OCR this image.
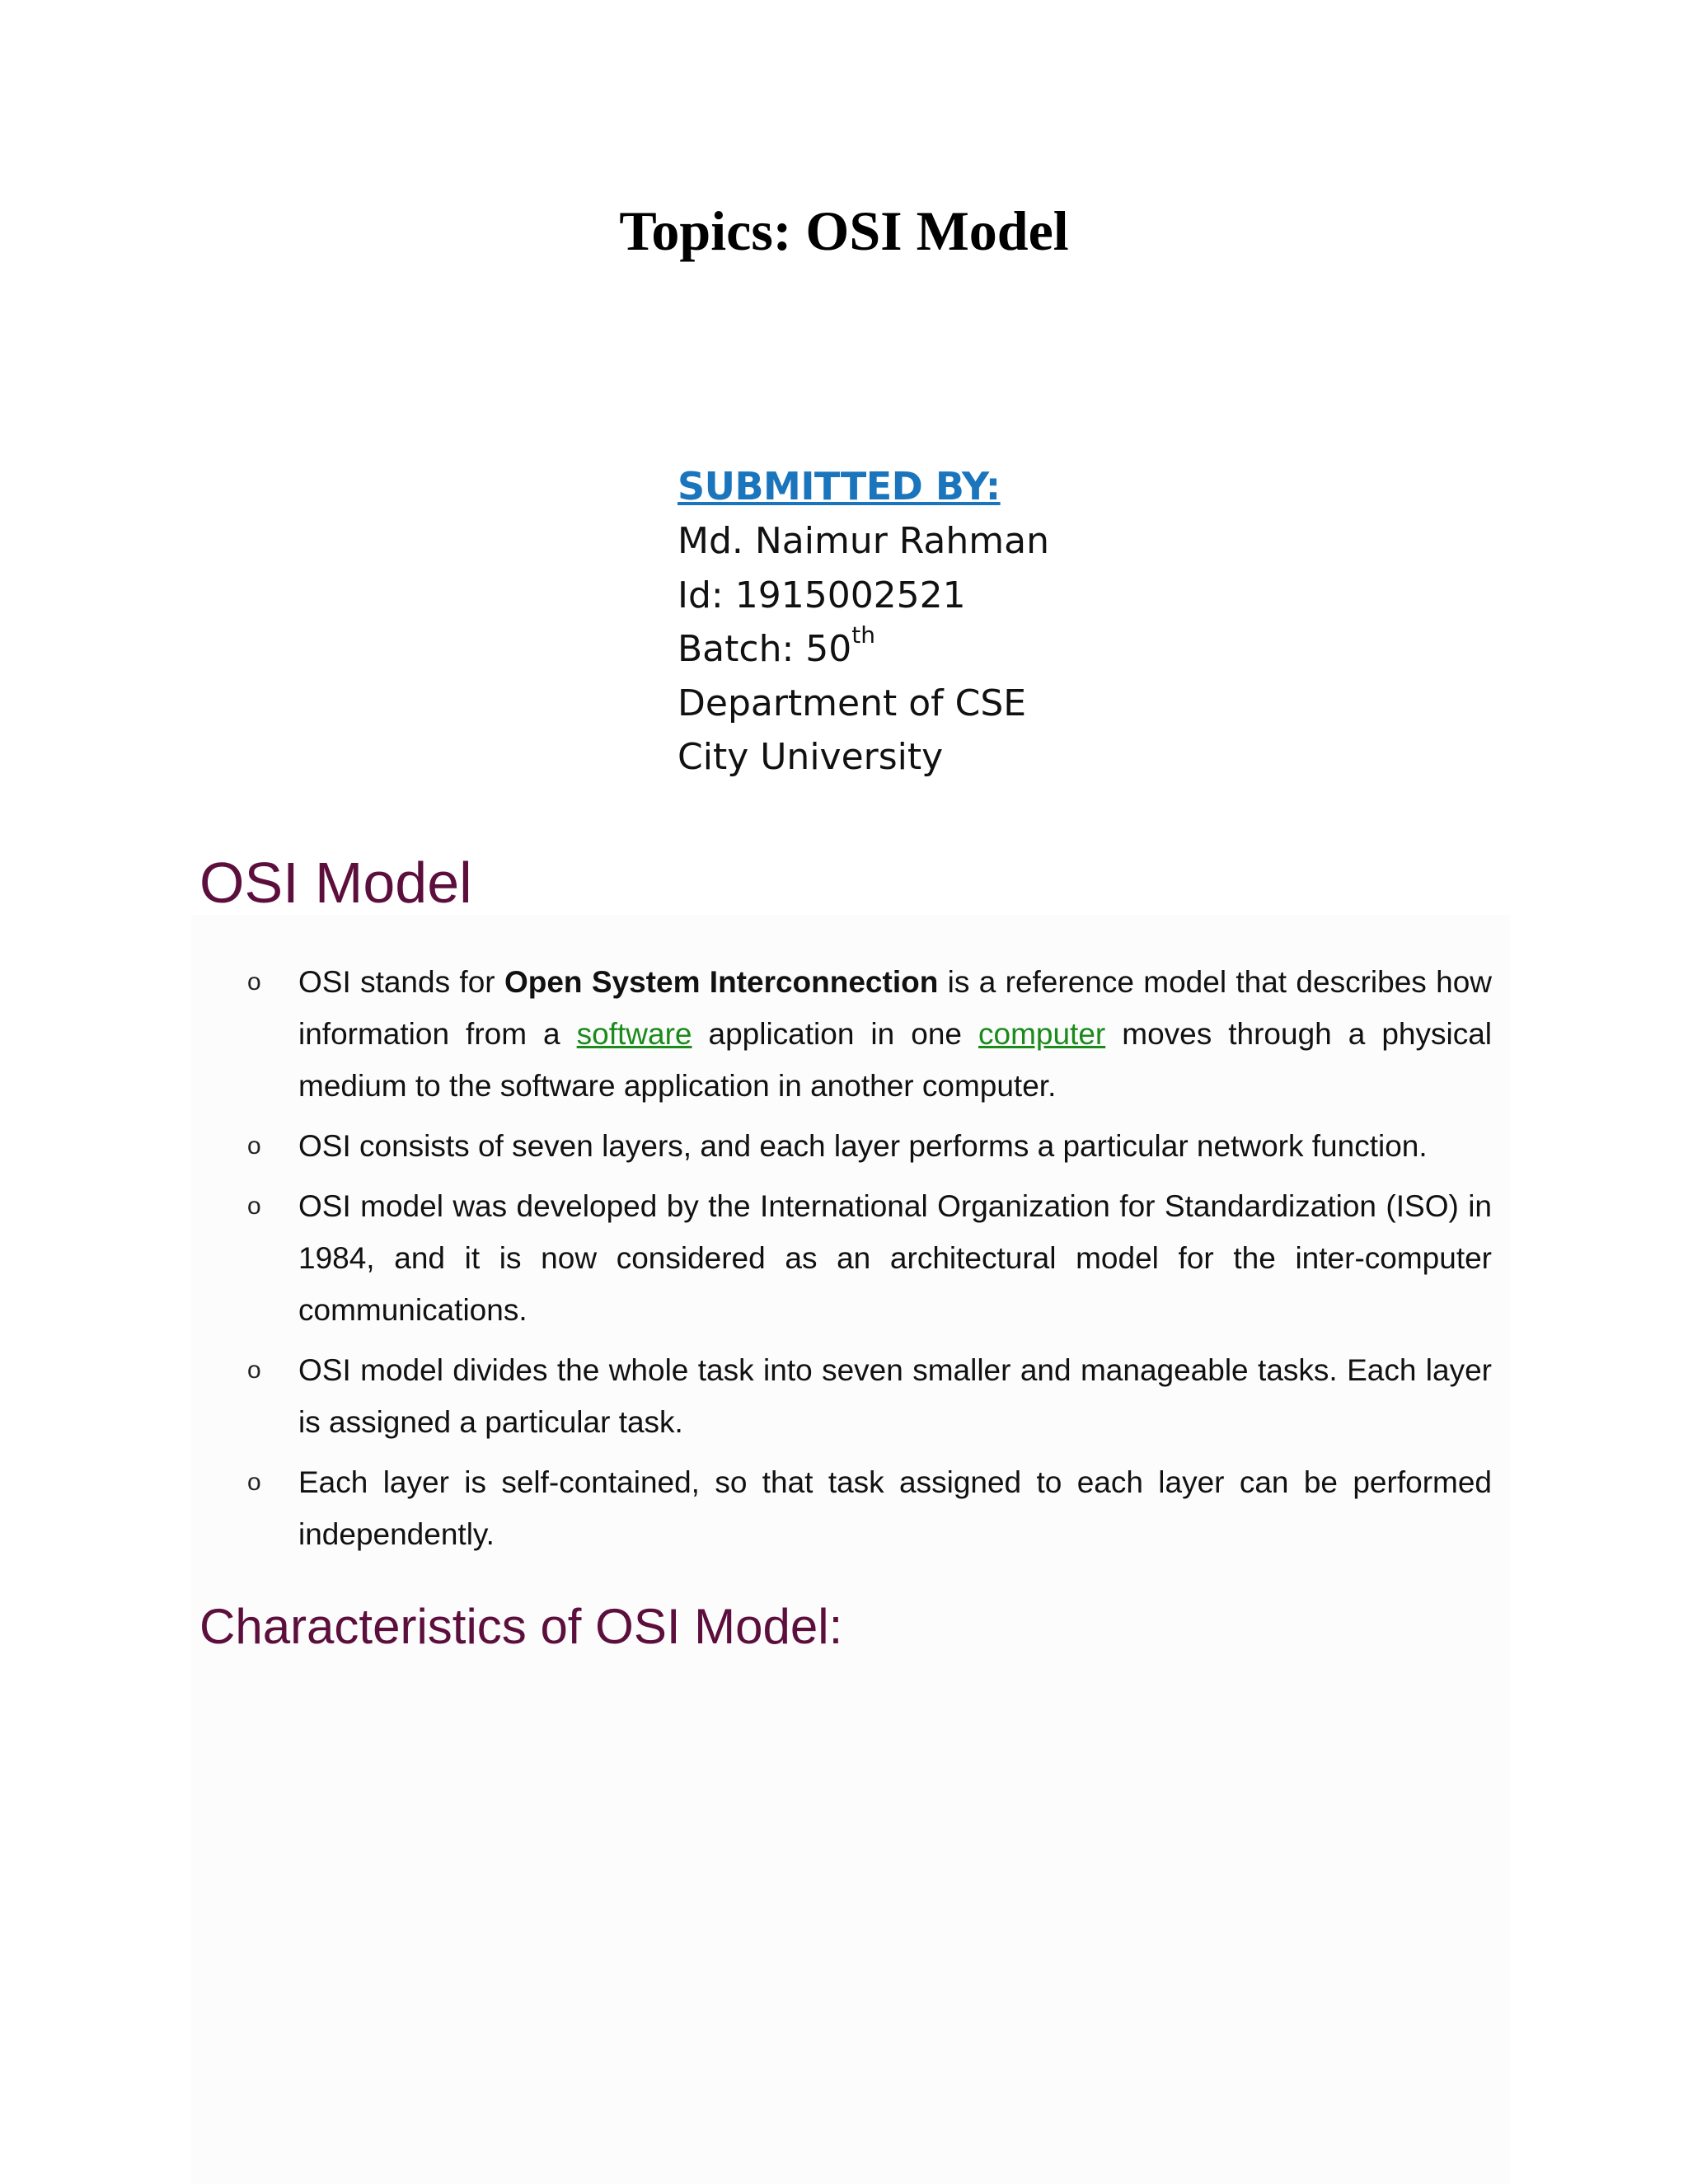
Topics: OSI Model
SUBMITTED BY:
Md. Naimur Rahman
Id: 1915002521
Batch: 50th
Department of CSE
City University
OSI Model
o OSI stands for Open System Interconnection is a reference model that describes how information from a software application in one computer moves through a physical medium to the software application in another computer.
o OSI consists of seven layers, and each layer performs a particular network function.
o OSI model was developed by the International Organization for Standardization (ISO) in 1984, and it is now considered as an architectural model for the inter-computer communications.
o OSI model divides the whole task into seven smaller and manageable tasks. Each layer is assigned a particular task.
o Each layer is self-contained, so that task assigned to each layer can be performed independently.
Characteristics of OSI Model:
